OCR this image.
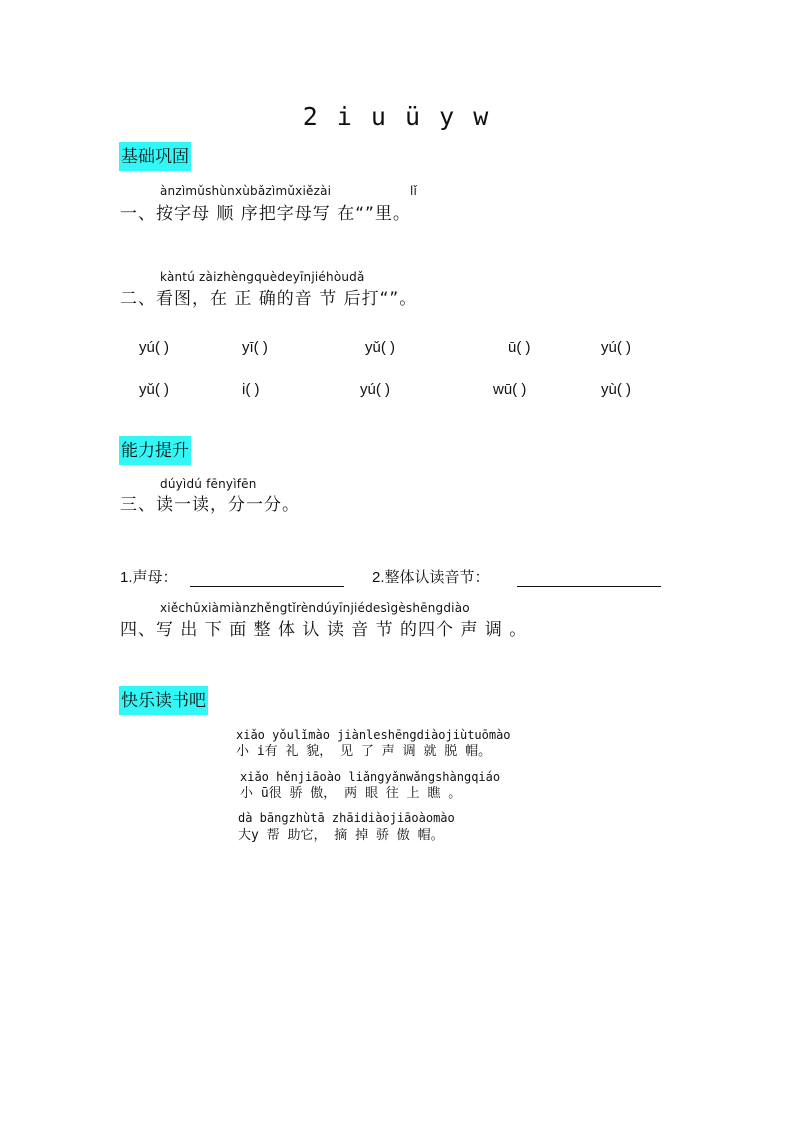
2 i u ü y w
基础巩固
ànzìmǔshùnxùbǎzìmǔxiězài	lǐ
一、按字母 顺 序把字母写 在“”里。
kàntú zàizhèngquèdeyīnjiéhòudǎ
二、看图，在 正 确的音 节 后打“”。
yú( )	yī( )	yǔ( )	ū( )	yú( )
yǔ( )	i( )	yú( )	wū( )	yù( )
能力提升
dúyìdú fēnyìfēn
三、读一读，分一分。
1.声母：	2.整体认读音节：
xiěchūxiàmiànzhěngtǐrèndúyīnjiédesìgèshēngdiào
四、写 出 下 面 整 体 认 读 音 节 的四个 声 调 。
快乐读书吧
xiǎo yǒulǐmào jiànleshēngdiàojiùtuōmào
小 i有 礼 貌， 见 了 声 调 就 脱 帽。
xiǎo hěnjiāoào liǎngyǎnwǎngshàngqiáo
小 ū很 骄 傲， 两 眼 往 上 瞧 。
dà bāngzhùtā zhāidiàojiāoàomào
大y 帮 助它， 摘 掉 骄 傲 帽。
